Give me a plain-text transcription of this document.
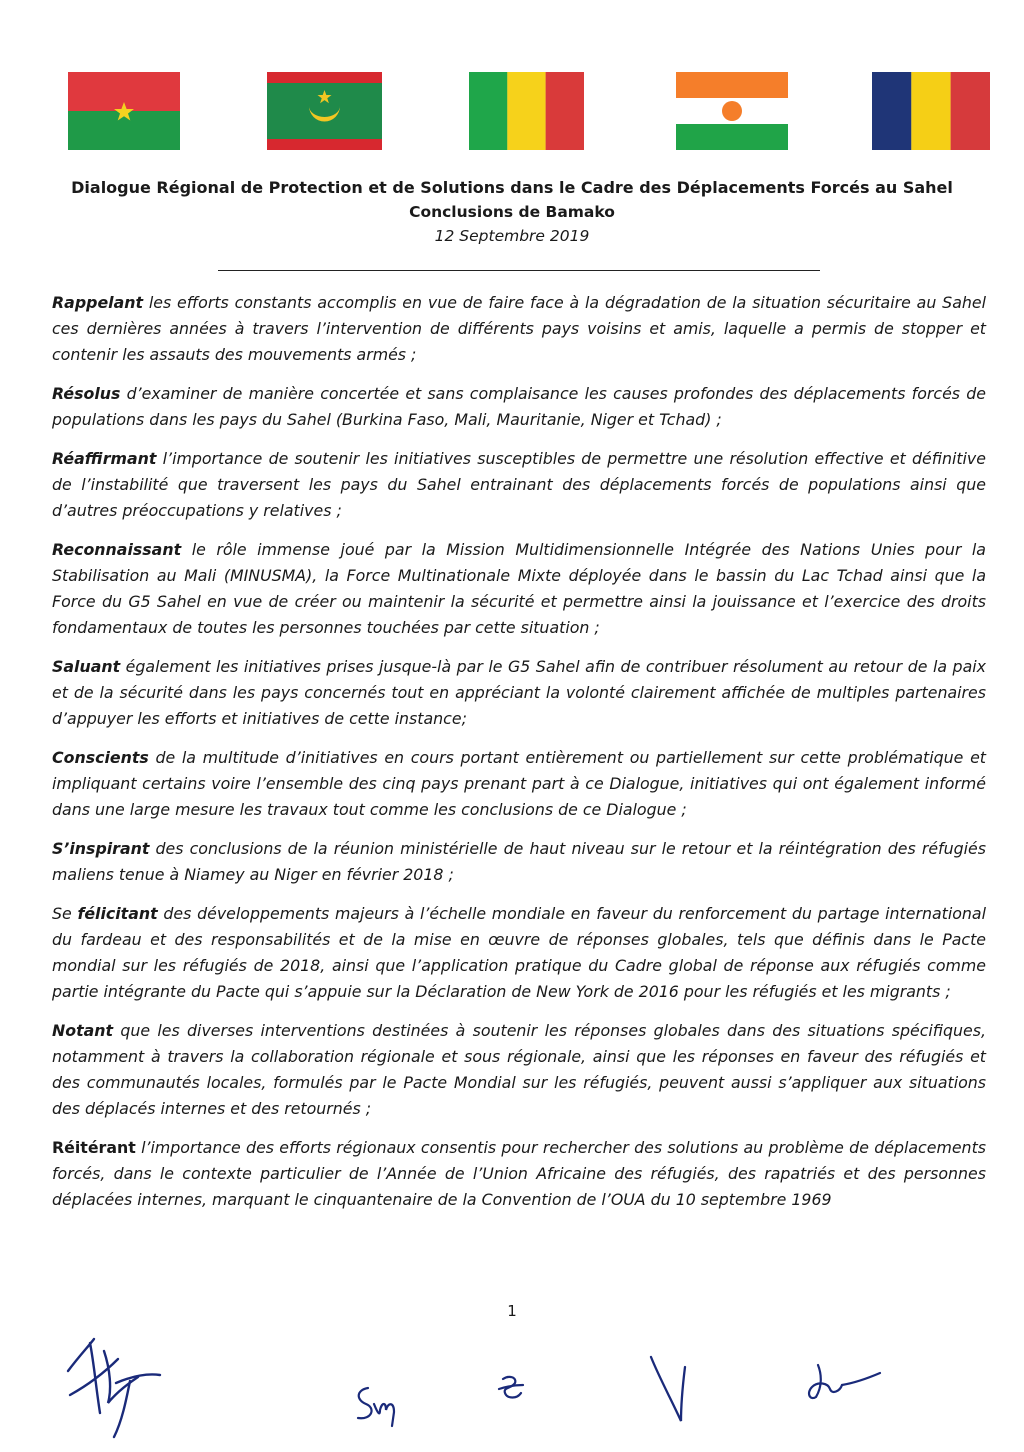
Dialogue Régional de Protection et de Solutions dans le Cadre des Déplacements Forcés au Sahel

Conclusions de Bamako

12 Septembre 2019

Rappelant les efforts constants accomplis en vue de faire face à la dégradation de la situation sécuritaire au Sahel ces dernières années à travers l’intervention de différents pays voisins et amis, laquelle a permis de stopper et contenir les assauts des mouvements armés ;

Résolus d’examiner de manière concertée et sans complaisance les causes profondes des déplacements forcés de populations dans les pays du Sahel (Burkina Faso, Mali, Mauritanie, Niger et Tchad) ;

Réaffirmant l’importance de soutenir les initiatives susceptibles de permettre une résolution effective et définitive de l’instabilité que traversent les pays du Sahel entrainant des déplacements forcés de populations ainsi que d’autres préoccupations y relatives ;

Reconnaissant le rôle immense joué par la Mission Multidimensionnelle Intégrée des Nations Unies pour la Stabilisation au Mali (MINUSMA), la Force Multinationale Mixte déployée dans le bassin du Lac Tchad ainsi que la Force du G5 Sahel en vue de créer ou maintenir la sécurité et permettre ainsi la jouissance et l’exercice des droits fondamentaux de toutes les personnes touchées par cette situation ;

Saluant également les initiatives prises jusque-là par le G5 Sahel afin de contribuer résolument au retour de la paix et de la sécurité dans les pays concernés tout en appréciant la volonté clairement affichée de multiples partenaires d’appuyer les efforts et initiatives de cette instance;

Conscients de la multitude d’initiatives en cours portant entièrement ou partiellement sur cette problématique et impliquant certains voire l’ensemble des cinq pays prenant part à ce Dialogue, initiatives qui ont également informé dans une large mesure les travaux tout comme les conclusions de ce Dialogue ;

S’inspirant des conclusions de la réunion ministérielle de haut niveau sur le retour et la réintégration des réfugiés maliens tenue à Niamey au Niger en février 2018 ;

Se félicitant des développements majeurs à l’échelle mondiale en faveur du renforcement du partage international du fardeau et des responsabilités et de la mise en œuvre de réponses globales, tels que définis dans le Pacte mondial sur les réfugiés de 2018, ainsi que l’application pratique du Cadre global de réponse aux réfugiés comme partie intégrante du Pacte qui s’appuie sur la Déclaration de New York de 2016 pour les réfugiés et les migrants ;

Notant que les diverses interventions destinées à soutenir les réponses globales dans des situations spécifiques, notamment à travers la collaboration régionale et sous régionale, ainsi que les réponses en faveur des réfugiés et des communautés locales, formulés par le Pacte Mondial sur les réfugiés, peuvent aussi s’appliquer aux situations des déplacés internes et des retournés ;

Réitérant l’importance des efforts régionaux consentis pour rechercher des solutions au problème de déplacements forcés, dans le contexte particulier de l’Année de l’Union Africaine des réfugiés, des rapatriés et des personnes déplacées internes, marquant le cinquantenaire de la Convention de l’OUA du 10 septembre 1969

1
